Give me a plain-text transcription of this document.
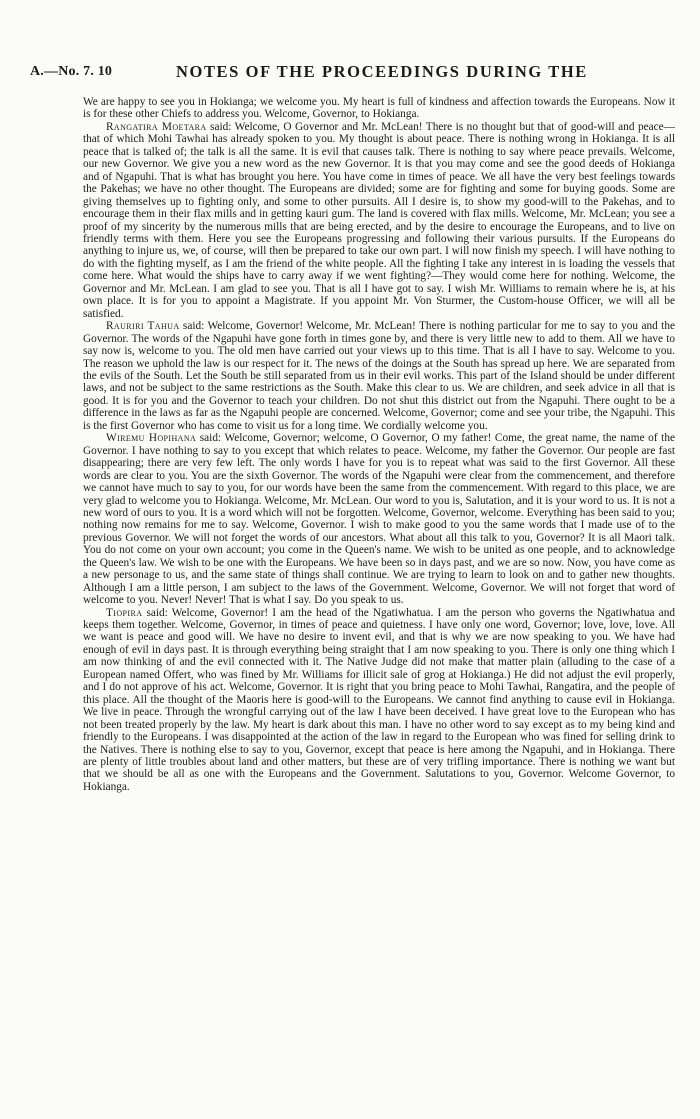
A.—No. 7. 10	NOTES OF THE PROCEEDINGS DURING THE

We are happy to see you in Hokianga; we welcome you. My heart is full of kindness and affection towards the Europeans. Now it is for these other Chiefs to address you. Welcome, Governor, to Hokianga.

Rangatira Moetara said: Welcome, O Governor and Mr. McLean! There is no thought but that of good-will and peace—that of which Mohi Tawhai has already spoken to you. My thought is about peace. There is nothing wrong in Hokianga. It is all peace that is talked of; the talk is all the same. It is evil that causes talk. There is nothing to say where peace prevails. Welcome, our new Governor. We give you a new word as the new Governor. It is that you may come and see the good deeds of Hokianga and of Ngapuhi. That is what has brought you here. You have come in times of peace. We all have the very best feelings towards the Pakehas; we have no other thought. The Europeans are divided; some are for fighting and some for buying goods. Some are giving themselves up to fighting only, and some to other pursuits. All I desire is, to show my good-will to the Pakehas, and to encourage them in their flax mills and in getting kauri gum. The land is covered with flax mills. Welcome, Mr. McLean; you see a proof of my sincerity by the numerous mills that are being erected, and by the desire to encourage the Europeans, and to live on friendly terms with them. Here you see the Europeans progressing and following their various pursuits. If the Europeans do anything to injure us, we, of course, will then be prepared to take our own part. I will now finish my speech. I will have nothing to do with the fighting myself, as I am the friend of the white people. All the fighting I take any interest in is loading the vessels that come here. What would the ships have to carry away if we went fighting?—They would come here for nothing. Welcome, the Governor and Mr. McLean. I am glad to see you. That is all I have got to say. I wish Mr. Williams to remain where he is, at his own place. It is for you to appoint a Magistrate. If you appoint Mr. Von Sturmer, the Custom-house Officer, we will all be satisfied.

Rauriri Tahua said: Welcome, Governor! Welcome, Mr. McLean! There is nothing particular for me to say to you and the Governor. The words of the Ngapuhi have gone forth in times gone by, and there is very little new to add to them. All we have to say now is, welcome to you. The old men have carried out your views up to this time. That is all I have to say. Welcome to you. The reason we uphold the law is our respect for it. The news of the doings at the South has spread up here. We are separated from the evils of the South. Let the South be still separated from us in their evil works. This part of the Island should be under different laws, and not be subject to the same restrictions as the South. Make this clear to us. We are children, and seek advice in all that is good. It is for you and the Governor to teach your children. Do not shut this district out from the Ngapuhi. There ought to be a difference in the laws as far as the Ngapuhi people are concerned. Welcome, Governor; come and see your tribe, the Ngapuhi. This is the first Governor who has come to visit us for a long time. We cordially welcome you.

Wiremu Hopihana said: Welcome, Governor; welcome, O Governor, O my father! Come, the great name, the name of the Governor. I have nothing to say to you except that which relates to peace. Welcome, my father the Governor. Our people are fast disappearing; there are very few left. The only words I have for you is to repeat what was said to the first Governor. All these words are clear to you. You are the sixth Governor. The words of the Ngapuhi were clear from the commencement, and therefore we cannot have much to say to you, for our words have been the same from the commencement. With regard to this place, we are very glad to welcome you to Hokianga. Welcome, Mr. McLean. Our word to you is, Salutation, and it is your word to us. It is not a new word of ours to you. It is a word which will not be forgotten. Welcome, Governor, welcome. Everything has been said to you; nothing now remains for me to say. Welcome, Governor. I wish to make good to you the same words that I made use of to the previous Governor. We will not forget the words of our ancestors. What about all this talk to you, Governor? It is all Maori talk. You do not come on your own account; you come in the Queen's name. We wish to be united as one people, and to acknowledge the Queen's law. We wish to be one with the Europeans. We have been so in days past, and we are so now. Now, you have come as a new personage to us, and the same state of things shall continue. We are trying to learn to look on and to gather new thoughts. Although I am a little person, I am subject to the laws of the Government. Welcome, Governor. We will not forget that word of welcome to you. Never! Never! That is what I say. Do you speak to us.

Tiopira said: Welcome, Governor! I am the head of the Ngatiwhatua. I am the person who governs the Ngatiwhatua and keeps them together. Welcome, Governor, in times of peace and quietness. I have only one word, Governor; love, love, love. All we want is peace and good will. We have no desire to invent evil, and that is why we are now speaking to you. We have had enough of evil in days past. It is through everything being straight that I am now speaking to you. There is only one thing which I am now thinking of and the evil connected with it. The Native Judge did not make that matter plain (alluding to the case of a European named Offert, who was fined by Mr. Williams for illicit sale of grog at Hokianga.) He did not adjust the evil properly, and I do not approve of his act. Welcome, Governor. It is right that you bring peace to Mohi Tawhai, Rangatira, and the people of this place. All the thought of the Maoris here is good-will to the Europeans. We cannot find anything to cause evil in Hokianga. We live in peace. Through the wrongful carrying out of the law I have been deceived. I have great love to the European who has not been treated properly by the law. My heart is dark about this man. I have no other word to say except as to my being kind and friendly to the Europeans. I was disappointed at the action of the law in regard to the European who was fined for selling drink to the Natives. There is nothing else to say to you, Governor, except that peace is here among the Ngapuhi, and in Hokianga. There are plenty of little troubles about land and other matters, but these are of very trifling importance. There is nothing we want but that we should be all as one with the Europeans and the Government. Salutations to you, Governor. Welcome Governor, to Hokianga.
